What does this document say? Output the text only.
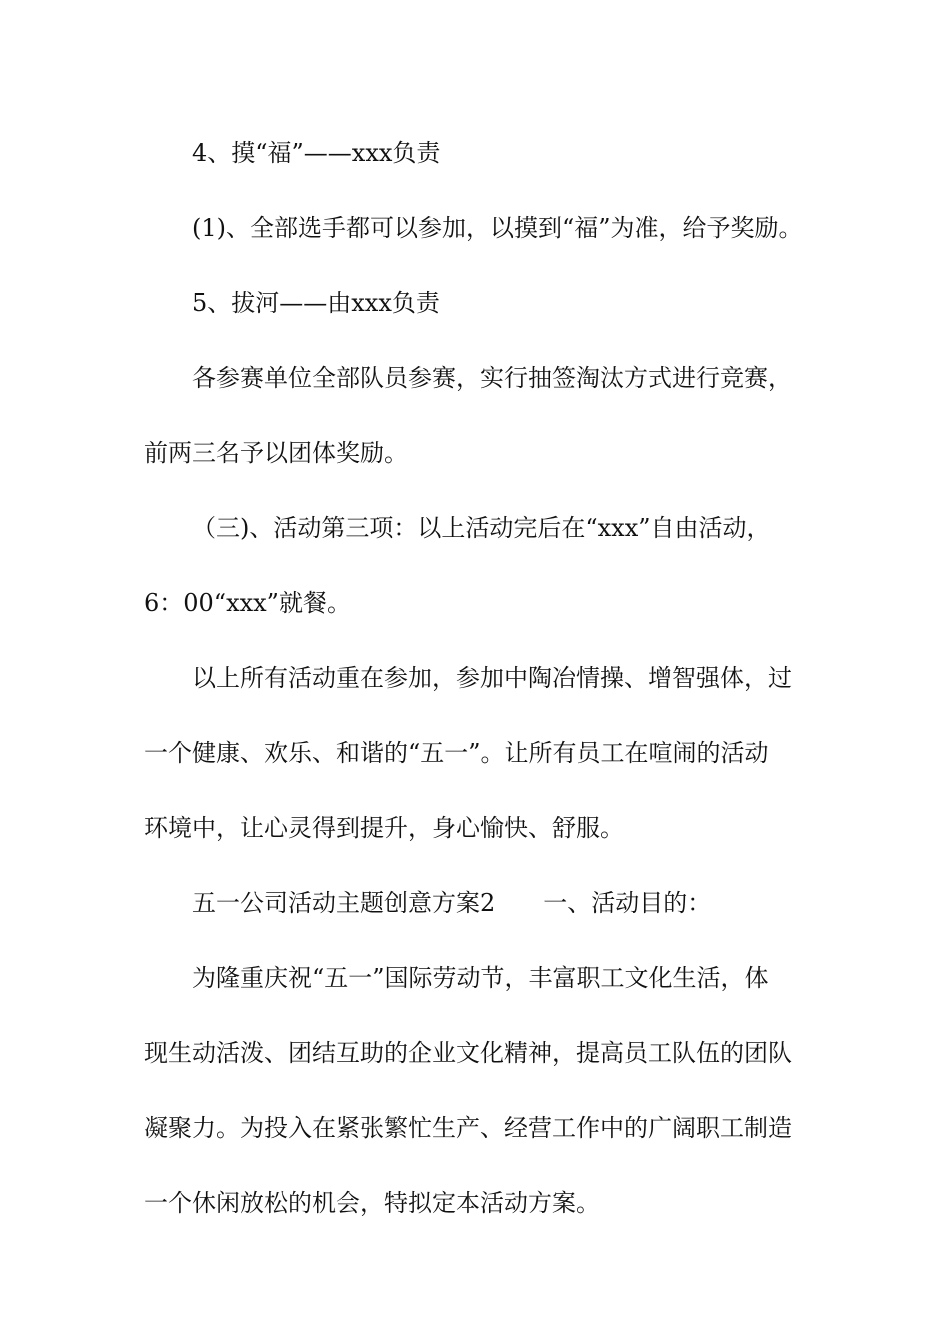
4、摸“福”——xxx负责
(1)、全部选手都可以参加，以摸到“福”为准，给予奖励。
5、拔河——由xxx负责
各参赛单位全部队员参赛，实行抽签淘汰方式进行竞赛，
前两三名予以团体奖励。
（三)、活动第三项：以上活动完后在“xxx”自由活动，
6：00“xxx”就餐。
以上所有活动重在参加，参加中陶冶情操、增智强体，过
一个健康、欢乐、和谐的“五一”。让所有员工在喧闹的活动
环境中，让心灵得到提升，身心愉快、舒服。
五一公司活动主题创意方案2　　一、活动目的：
为隆重庆祝“五一”国际劳动节，丰富职工文化生活，体
现生动活泼、团结互助的企业文化精神，提高员工队伍的团队
凝聚力。为投入在紧张繁忙生产、经营工作中的广阔职工制造
一个休闲放松的机会，特拟定本活动方案。
